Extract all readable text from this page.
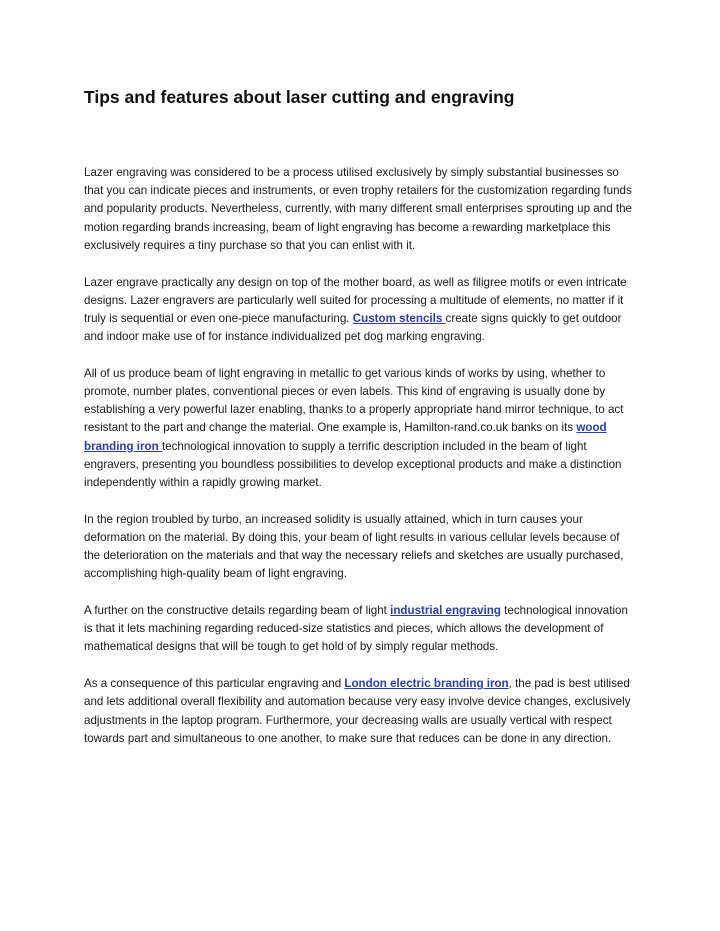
Tips and features about laser cutting and engraving

Lazer engraving was considered to be a process utilised exclusively by simply substantial businesses so that you can indicate pieces and instruments, or even trophy retailers for the customization regarding funds and popularity products. Nevertheless, currently, with many different small enterprises sprouting up and the motion regarding brands increasing, beam of light engraving has become a rewarding marketplace this exclusively requires a tiny purchase so that you can enlist with it.

Lazer engrave practically any design on top of the mother board, as well as filigree motifs or even intricate designs. Lazer engravers are particularly well suited for processing a multitude of elements, no matter if it truly is sequential or even one-piece manufacturing. Custom stencils create signs quickly to get outdoor and indoor make use of for instance individualized pet dog marking engraving.

All of us produce beam of light engraving in metallic to get various kinds of works by using, whether to promote, number plates, conventional pieces or even labels. This kind of engraving is usually done by establishing a very powerful lazer enabling, thanks to a properly appropriate hand mirror technique, to act resistant to the part and change the material. One example is, Hamilton-rand.co.uk banks on its wood branding iron technological innovation to supply a terrific description included in the beam of light engravers, presenting you boundless possibilities to develop exceptional products and make a distinction independently within a rapidly growing market.

In the region troubled by turbo, an increased solidity is usually attained, which in turn causes your deformation on the material. By doing this, your beam of light results in various cellular levels because of the deterioration on the materials and that way the necessary reliefs and sketches are usually purchased, accomplishing high-quality beam of light engraving.

A further on the constructive details regarding beam of light industrial engraving technological innovation is that it lets machining regarding reduced-size statistics and pieces, which allows the development of mathematical designs that will be tough to get hold of by simply regular methods.

As a consequence of this particular engraving and London electric branding iron, the pad is best utilised and lets additional overall flexibility and automation because very easy involve device changes, exclusively adjustments in the laptop program. Furthermore, your decreasing walls are usually vertical with respect towards part and simultaneous to one another, to make sure that reduces can be done in any direction.
